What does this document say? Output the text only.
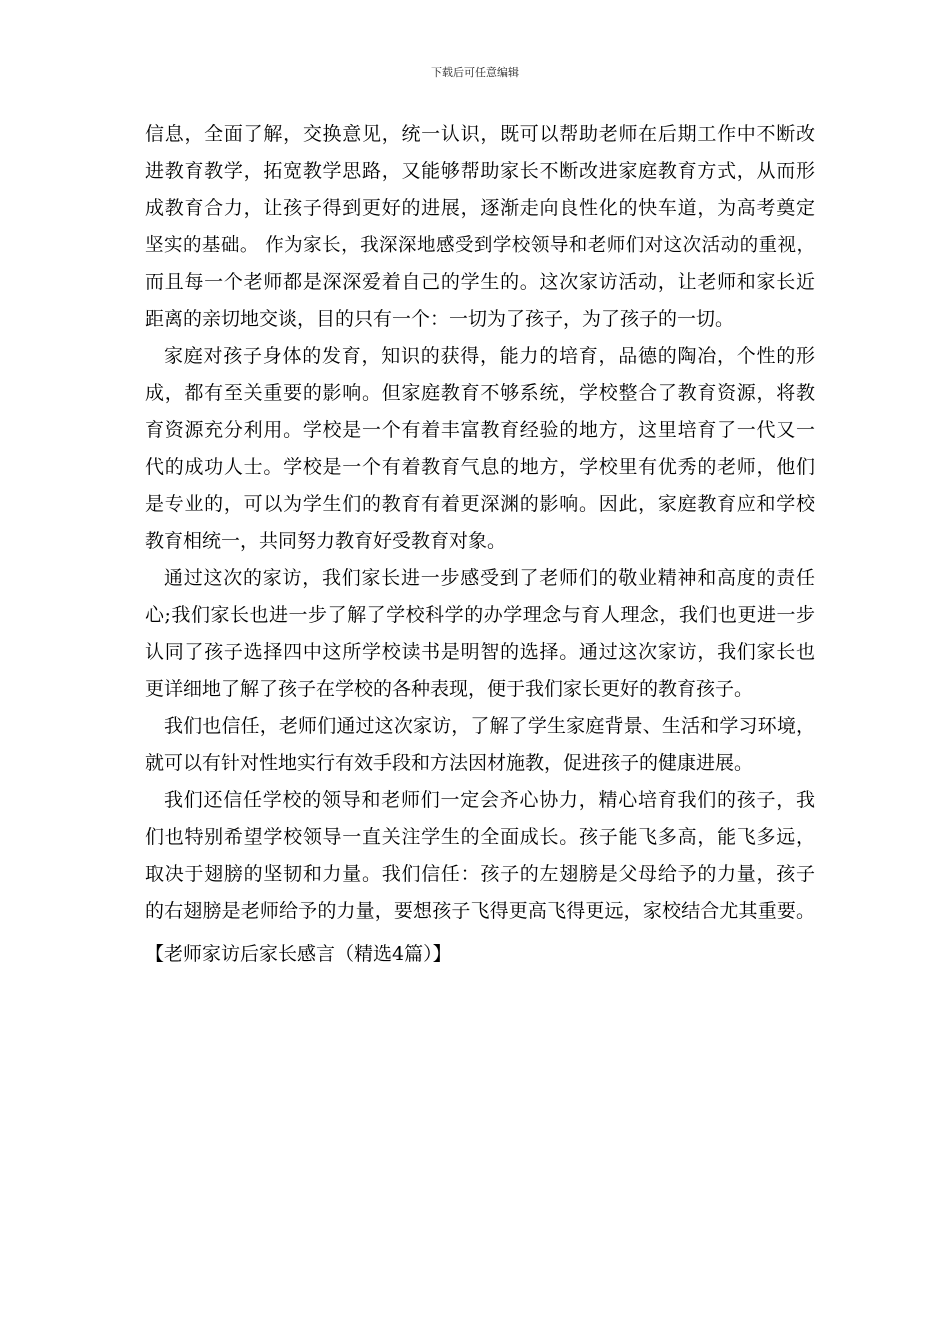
下载后可任意编辑
信息，全面了解，交换意见，统一认识，既可以帮助老师在后期工作中不断改
进教育教学，拓宽教学思路，又能够帮助家长不断改进家庭教育方式，从而形
成教育合力，让孩子得到更好的进展，逐渐走向良性化的快车道，为高考奠定
坚实的基础。 作为家长，我深深地感受到学校领导和老师们对这次活动的重视，
而且每一个老师都是深深爱着自己的学生的。这次家访活动，让老师和家长近
距离的亲切地交谈，目的只有一个：一切为了孩子，为了孩子的一切。
家庭对孩子身体的发育，知识的获得，能力的培育，品德的陶冶，个性的形
成，都有至关重要的影响。但家庭教育不够系统，学校整合了教育资源，将教
育资源充分利用。学校是一个有着丰富教育经验的地方，这里培育了一代又一
代的成功人士。学校是一个有着教育气息的地方，学校里有优秀的老师，他们
是专业的，可以为学生们的教育有着更深渊的影响。因此，家庭教育应和学校
教育相统一，共同努力教育好受教育对象。
通过这次的家访，我们家长进一步感受到了老师们的敬业精神和高度的责任
心;我们家长也进一步了解了学校科学的办学理念与育人理念，我们也更进一步
认同了孩子选择四中这所学校读书是明智的选择。通过这次家访，我们家长也
更详细地了解了孩子在学校的各种表现，便于我们家长更好的教育孩子。
我们也信任，老师们通过这次家访，了解了学生家庭背景、生活和学习环境，
就可以有针对性地实行有效手段和方法因材施教，促进孩子的健康进展。
我们还信任学校的领导和老师们一定会齐心协力，精心培育我们的孩子，我
们也特别希望学校领导一直关注学生的全面成长。孩子能飞多高，能飞多远，
取决于翅膀的坚韧和力量。我们信任：孩子的左翅膀是父母给予的力量，孩子
的右翅膀是老师给予的力量，要想孩子飞得更高飞得更远，家校结合尤其重要。
【老师家访后家长感言（精选4篇）】
